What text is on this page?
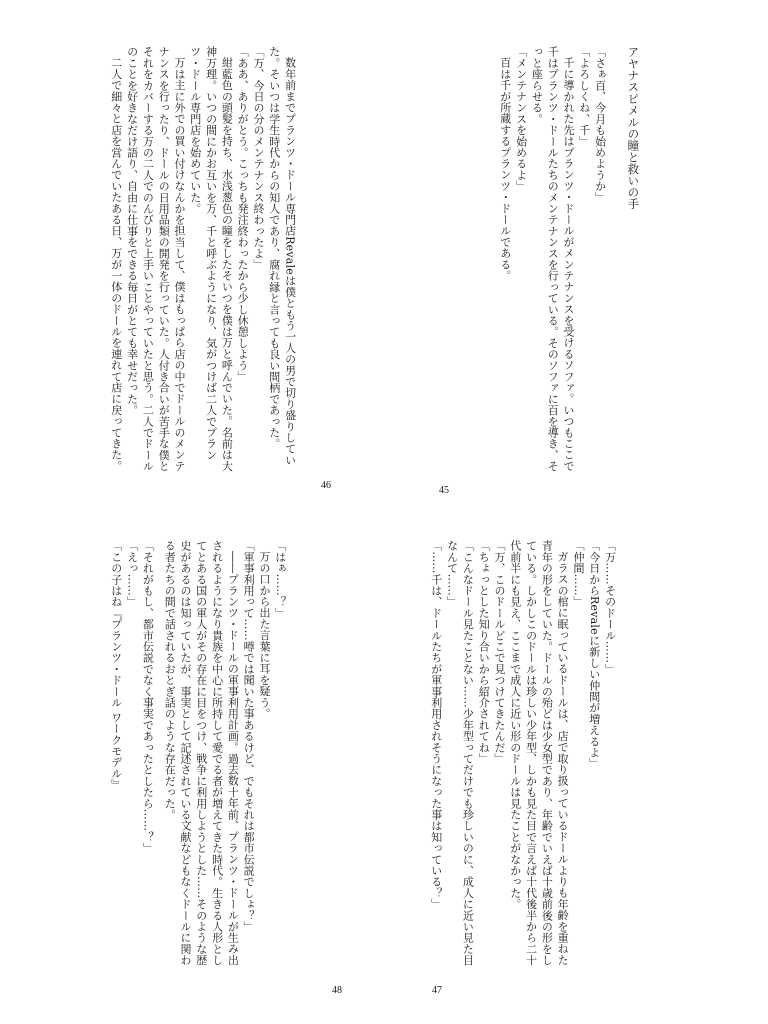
数年前までプランツ・ドール専門店Revaleは僕ともう一人の男で切り盛りしていた。そいつは学生時代からの知人であり、腐れ縁と言っても良い間柄であった。

「万、今日の分のメンテナンス終わったよ」

「ああ、ありがとう。こっちも発注終わったから少し休憩しよう」

紺藍色の頭髪を持ち、水浅葱色の瞳をしたそいつを僕は万と呼んでいた。名前は大神万理。いつの間にかお互いを万、千と呼ぶようになり、気がつけば二人でプランツ・ドール専門店を始めていた。

万は主に外での買い付けなんかを担当して、僕はもっぱら店の中でドールのメンテナンスを行ったり、ドールの日用品類の開発を行っていた。人付き合いが苦手な僕とそれをカバーする万の二人でのんびりと上手いことやっていたと思う。二人でドールのことを好きなだけ語り、自由に仕事をできる毎日がとても幸せだった。

二人で細々と店を営んでいたある日、万が一体のドールを連れて店に戻ってきた。

46

アヤナスピメルの瞳と救いの手

「さぁ百、今月も始めようか」

「よろしくね、千」

千に導かれた先はプランツ・ドールがメンテナンスを受けるソファ。いつもここで千はプランツ・ドールたちのメンテナンスを行っている。そのソファに百を導き、そっと座らせる。

「メンテナンスを始めるよ」

百は千が所蔵するプランツ・ドールである。

45

「はぁ……？」

万の口から出た言葉に耳を疑う。

「軍事利用って……噂では聞いた事あるけど、でもそれは都市伝説でしょ？」

――プランツ・ドールの軍事利用計画。過去数十年前、プランツ・ドールが生み出されるようになり貴族を中心に所持して愛でる者が増えてきた時代。生きる人形としてとある国の軍人がその存在に目をつけ、戦争に利用しようとした……そのような歴史があるのは知っていたが、事実として記述されている文献などもなくドールに関わる者たちの間で話されるおとぎ話のような存在だった。

「それがもし、都市伝説でなく事実であったとしたら……？」

「えっ……」

「この子はね『プランツ・ドール ワークモデル』

48

「万……そのドール……」

「今日からRevaleに新しい仲間が増えるよ」

「仲間……」

ガラスの棺に眠っているドールは、店で取り扱っているドールよりも年齢を重ねた青年の形をしていた。ドールの殆どは少女型であり、年齢でいえば十歳前後の形をしている。しかしこのドールは珍しい少年型、しかも見た目で言えば十代後半から二十代前半にも見え、ここまで成人に近い形のドールは見たことがなかった。

「万、このドールどこで見つけてきたんだ」

「ちょっとした知り合いから紹介されてね」

「こんなドール見たことない……少年型ってだけでも珍しいのに、成人に近い見た目なんて……」

「……千は、ドールたちが軍事利用されそうになった事は知っている？」

47
